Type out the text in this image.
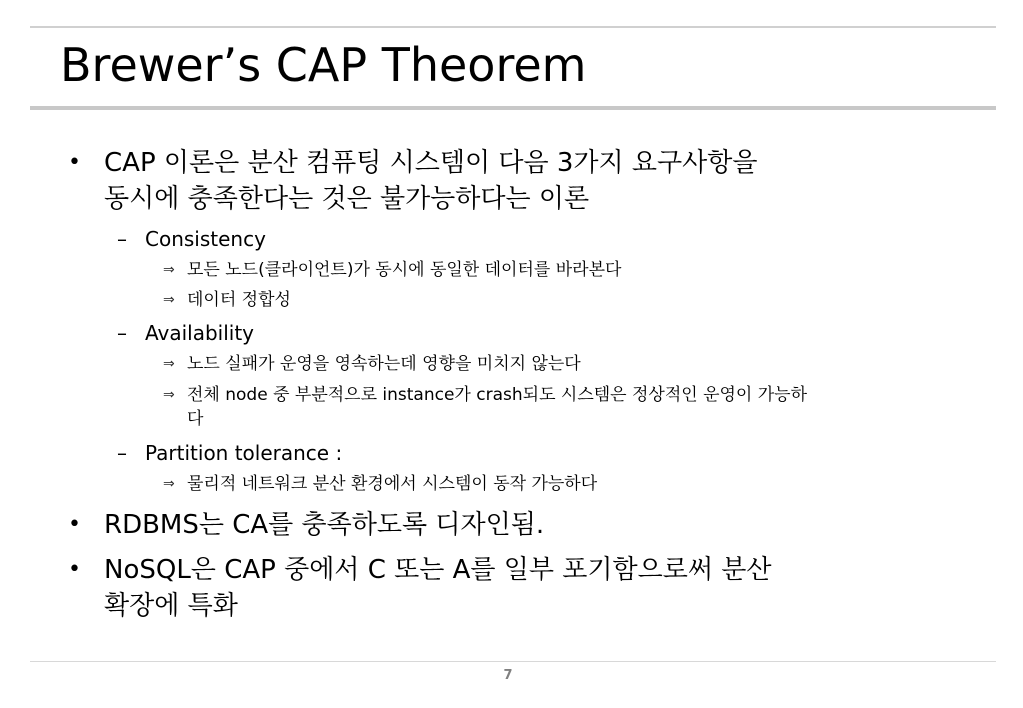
Brewer’s CAP Theorem
• CAP 이론은 분산 컴퓨팅 시스템이 다음 3가지 요구사항을
동시에 충족한다는 것은 불가능하다는 이론
– Consistency
⇒ 모든 노드(클라이언트)가 동시에 동일한 데이터를 바라본다
⇒ 데이터 정합성
– Availability
⇒ 노드 실패가 운영을 영속하는데 영향을 미치지 않는다
⇒ 전체 node 중 부분적으로 instance가 crash되도 시스템은 정상적인 운영이 가능하
다
– Partition tolerance :
⇒ 물리적 네트워크 분산 환경에서 시스템이 동작 가능하다
• RDBMS는 CA를 충족하도록 디자인됨.
• NoSQL은 CAP 중에서 C 또는 A를 일부 포기함으로써 분산
확장에 특화
7
